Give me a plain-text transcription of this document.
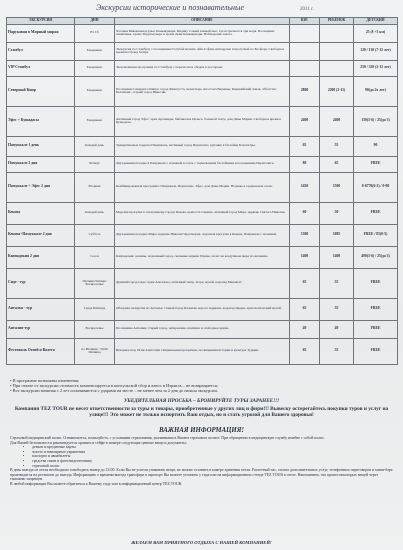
Экскурсии исторические и познавательные	2011 г.
ЭКСКУРСИЯ	ДНИ	ОПИСАНИЕ	ВЗР.	РЕБЁНОК	ДЕТСКИЙ
Нарукаван в Мирный мираж	Вт Сб	Часовня Вивекананда (мыс Каньякумари, Индия). Самый южный мыс, где встречаются три моря. Посещение памятника, храма Тирувалувара и храма Деви Каньякумари. Наблюдение заката.			25 ($ +5 км)
Стамбул	Ежедневно	Экскурсия по Стамбулу с посещением Голубой мечети, Айя-Софии, ипподрома и прогулкой по Босфору. Свободное время на Гранд базаре.			120 / 130 (7-12 лет)
VIP Стамбул	Ежедневно	Эксклюзивная программа по Стамбулу с перелетом и обедом в ресторане.			250 / 320 (2-12 лет)
Северный Кипр	Ежедневно	Посещение Северного Кипра: город Фамагуста, монастырь Апостола Варнавы, Киренийский замок, аббатство Беллапаис, старый город Никосии.	2800	2200 (2-11)	90(до 2х лет)
Эфес + Кушадасы	Ежедневно	Античный город Эфес: храм Артемиды, библиотека Цельса, большой театр, дом Девы Марии. Свободное время в Кушадасы.	2400	2400	150(3-6) / 25(до 3)
Памуккале 1 день	Каждый день	Травертиновые террасы Памуккале, античный город Иераполис, купание в бассейне Клеопатры.	65	55	90
Памуккале 2 дня	Четверг	Двухдневная поездка в Памуккале с ночевкой в отеле с термальными бассейнами и посещением Иераполиса.	80	65	FREE
Памуккале + Эфес 2 дня	Вторник	Комбинированная программа: Памуккале, Иераполис, Эфес, дом Девы Марии. Ночевка в термальном отеле.	1450	1500	0-6770(6-2) / 0-90
Кекова	Каждый день	Морская прогулка к затонувшему городу Кекова, крепость Симена, античный город Мира, церковь Святого Николая.	60	50	FREE
Кекова+Памуккале 2 дня	Суббота	Двухдневная поездка: Мира, церковь Николая Чудотворца, лодочная прогулка к Кекове, Памуккале с ночевкой.	1300	1085	FREE / 85(0-5)
Каппадокия 2 дня	Сезон	Каппадокия: долины, подземный город, скальные церкви Гёреме, полет на воздушном шаре по желанию.	1400	1400	400(3-6) / 25(до 3)
Сиде - тур	Пятница Четверг Воскресенье	Древний город Сиде: храм Аполлона, античный театр, агора, музей, водопад Манавгат.	65	55	FREE
Анталья - тур	Среда Пятница	Обзорная экскурсия по Анталье: старый город Калеичи, ворота Адриана, водопад Дюден, археологический музей.	65	55	FREE
Анталия-тур	Воскресенье	Посещение Анталии: старый город, набережная, шоппинг и свободное время.	40	40	FREE
Фестиваль Огней и Валета	по Вторник / 30.06 Пятница	Вечернее шоу Огни Анатолии: танцевальная программа, посвященная истории и культуре Турции.	65	55	FREE
• В программе возможны изменения;
• При отказе от экскурсии стоимость компенсируется в консульской сбор и взнос в Израиль – не возвращается;
• Все экскурсии начиная с 2 лет оплачиваются с ударами на месте – не менее чем за 2 дня до начала экскурсии.
УБЕДИТЕЛЬНАЯ ПРОСЬБА – БРОНИРУЙТЕ ТУРЫ ЗАРАНЕЕ!!!
Компания TEZ TOUR не несет ответственности за туры и товары, приобретенные у других лиц и фирм!!! Вывеску остерегайтесь покупки туров и услуг на улице!!! Это может не только испортить Ваш отдых, но и стать угрозой для Вашего здоровья!
ВАЖНАЯ ИНФОРМАЦИЯ!

Страховой медицинский полис. Ознакомьтесь, пожалуйста, с условиями страхования, указанными в Вашем страховом полисе. При обращении в медицинскую службу имейте с собой полис.

Для Вашей безопасности рекомендуется хранить в сейфе в номере следующие ценные вещи и документы:

• деньги и кредитные карты
• золото и ювелирные украшения
• паспорта и авиабилеты
• средства связи и фото/видеотехнику
• страховой полис

В день выезда из отеля необходимо освободить номер до 12:00. Если Вы не успели упаковать вещи, их можно оставить в камере хранения отеля. Расчетный час, оплата дополнительных услуг, телефонных переговоров и мини-бара производятся на ресепшен до выезда. Информацию о времени выезда трансфера в аэропорт Вы можете уточнить у гида или на информационном стенде TEZ TOUR в отеле. Напоминаем, что провоз некоторых вещей через таможню запрещен.

В любой информации Вы можете обратиться к Вашему гиду или в информационный центр TEZ TOUR.

ЖЕЛАЕМ ВАМ ПРИЯТНОГО ОТДЫХА С НАШЕЙ КОМПАНИЕЙ!
